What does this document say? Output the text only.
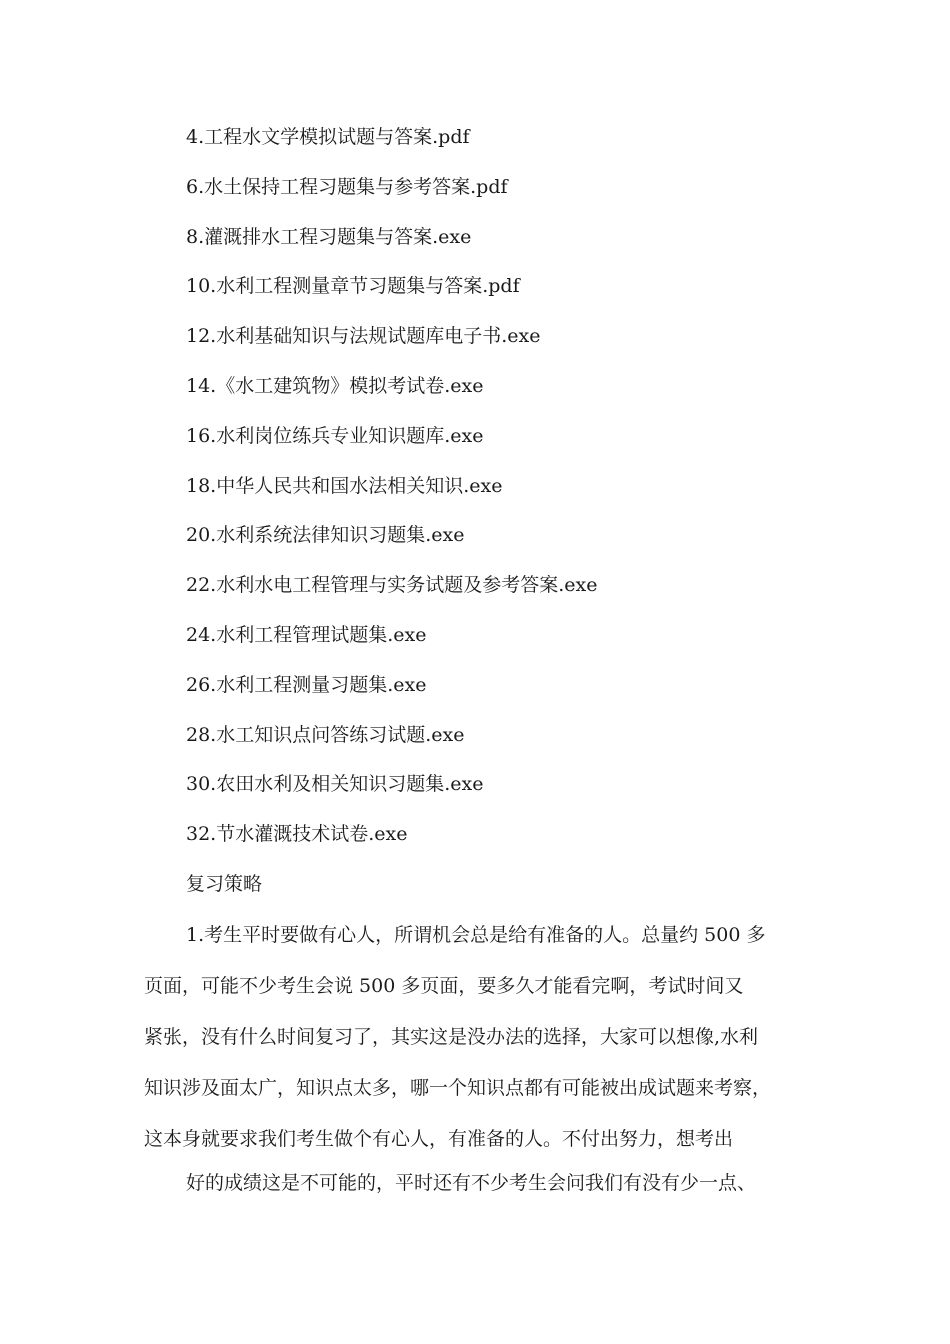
4.工程水文学模拟试题与答案.pdf
6.水土保持工程习题集与参考答案.pdf
8.灌溉排水工程习题集与答案.exe
10.水利工程测量章节习题集与答案.pdf
12.水利基础知识与法规试题库电子书.exe
14.《水工建筑物》模拟考试卷.exe
16.水利岗位练兵专业知识题库.exe
18.中华人民共和国水法相关知识.exe
20.水利系统法律知识习题集.exe
22.水利水电工程管理与实务试题及参考答案.exe
24.水利工程管理试题集.exe
26.水利工程测量习题集.exe
28.水工知识点问答练习试题.exe
30.农田水利及相关知识习题集.exe
32.节水灌溉技术试卷.exe
复习策略

1.考生平时要做有心人，所谓机会总是给有准备的人。总量约 500 多
页面，可能不少考生会说 500 多页面，要多久才能看完啊，考试时间又
紧张，没有什么时间复习了，其实这是没办法的选择，大家可以想像,水利
知识涉及面太广，知识点太多，哪一个知识点都有可能被出成试题来考察，
这本身就要求我们考生做个有心人，有准备的人。不付出努力，想考出

好的成绩这是不可能的，平时还有不少考生会问我们有没有少一点、
